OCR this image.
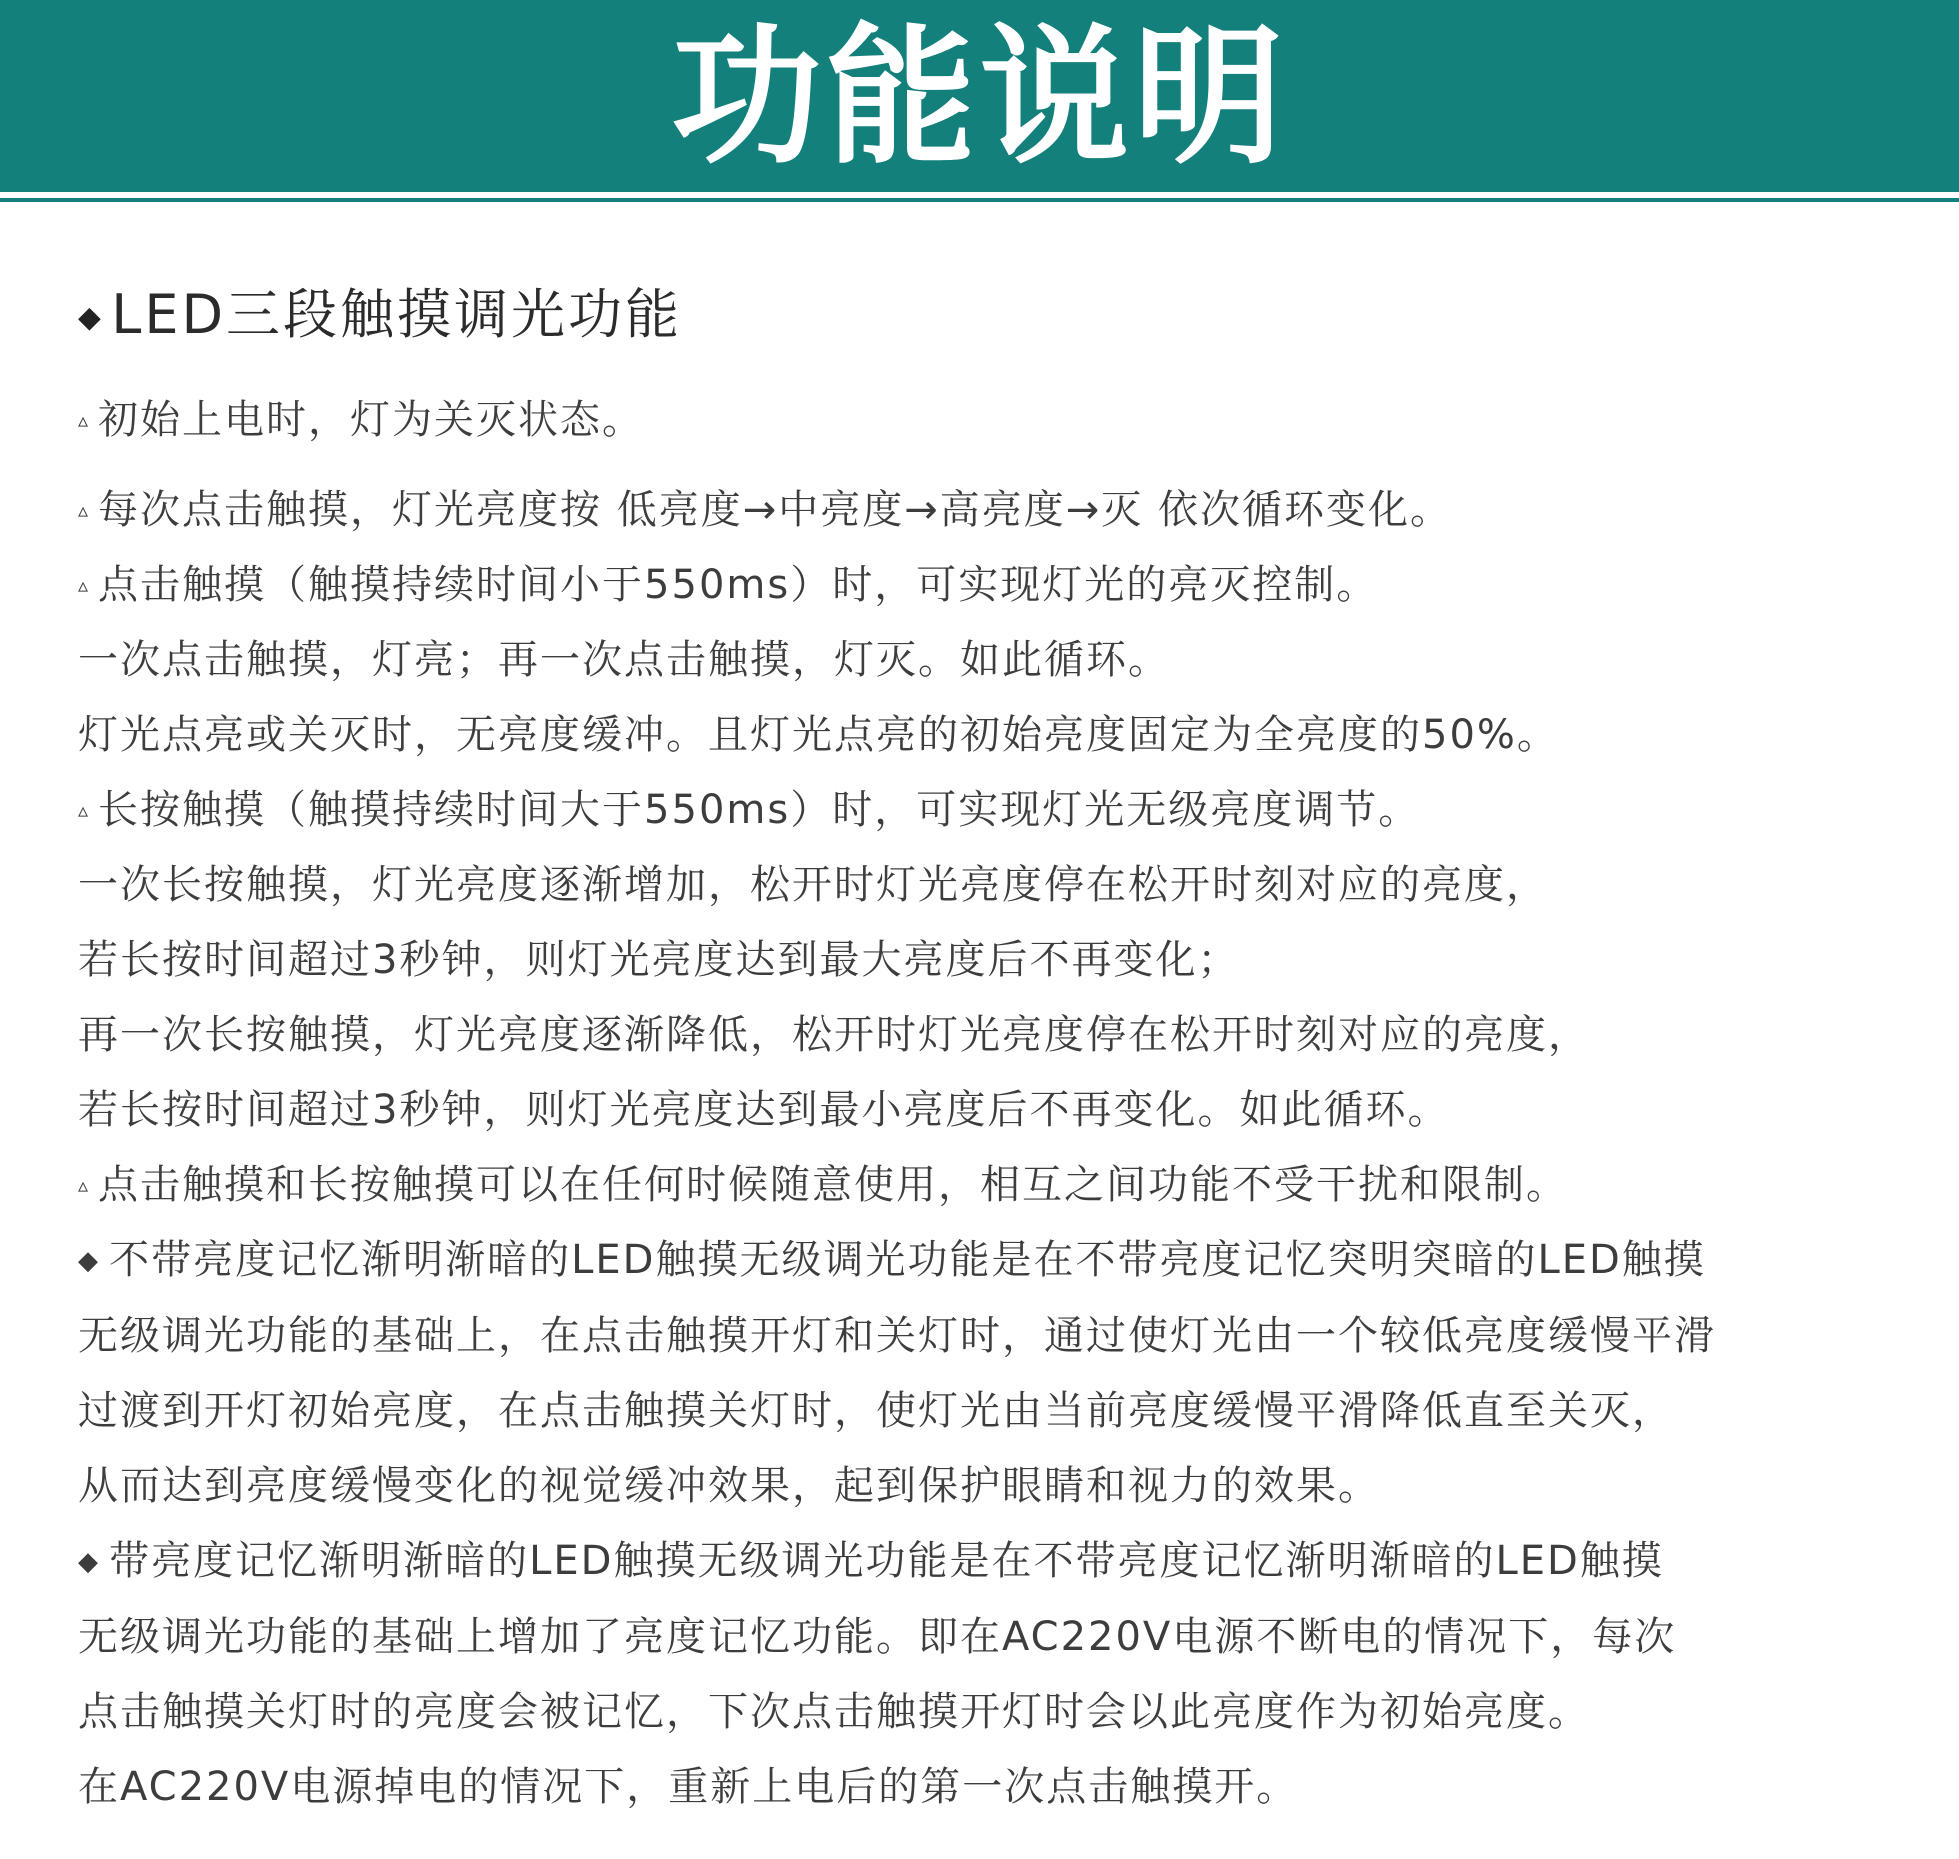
功能说明
◆ LED三段触摸调光功能
▵ 初始上电时，灯为关灭状态。
▵ 每次点击触摸，灯光亮度按 低亮度→中亮度→高亮度→灭 依次循环变化。
▵ 点击触摸（触摸持续时间小于550ms）时，可实现灯光的亮灭控制。
一次点击触摸，灯亮；再一次点击触摸，灯灭。如此循环。
灯光点亮或关灭时，无亮度缓冲。且灯光点亮的初始亮度固定为全亮度的50%。
▵ 长按触摸（触摸持续时间大于550ms）时，可实现灯光无级亮度调节。
一次长按触摸，灯光亮度逐渐增加，松开时灯光亮度停在松开时刻对应的亮度，
若长按时间超过3秒钟，则灯光亮度达到最大亮度后不再变化；
再一次长按触摸，灯光亮度逐渐降低，松开时灯光亮度停在松开时刻对应的亮度，
若长按时间超过3秒钟，则灯光亮度达到最小亮度后不再变化。如此循环。
▵ 点击触摸和长按触摸可以在任何时候随意使用，相互之间功能不受干扰和限制。
◆ 不带亮度记忆渐明渐暗的LED触摸无级调光功能是在不带亮度记忆突明突暗的LED触摸
无级调光功能的基础上，在点击触摸开灯和关灯时，通过使灯光由一个较低亮度缓慢平滑
过渡到开灯初始亮度，在点击触摸关灯时，使灯光由当前亮度缓慢平滑降低直至关灭，
从而达到亮度缓慢变化的视觉缓冲效果，起到保护眼睛和视力的效果。
◆ 带亮度记忆渐明渐暗的LED触摸无级调光功能是在不带亮度记忆渐明渐暗的LED触摸
无级调光功能的基础上增加了亮度记忆功能。即在AC220V电源不断电的情况下，每次
点击触摸关灯时的亮度会被记忆，下次点击触摸开灯时会以此亮度作为初始亮度。
在AC220V电源掉电的情况下，重新上电后的第一次点击触摸开。
